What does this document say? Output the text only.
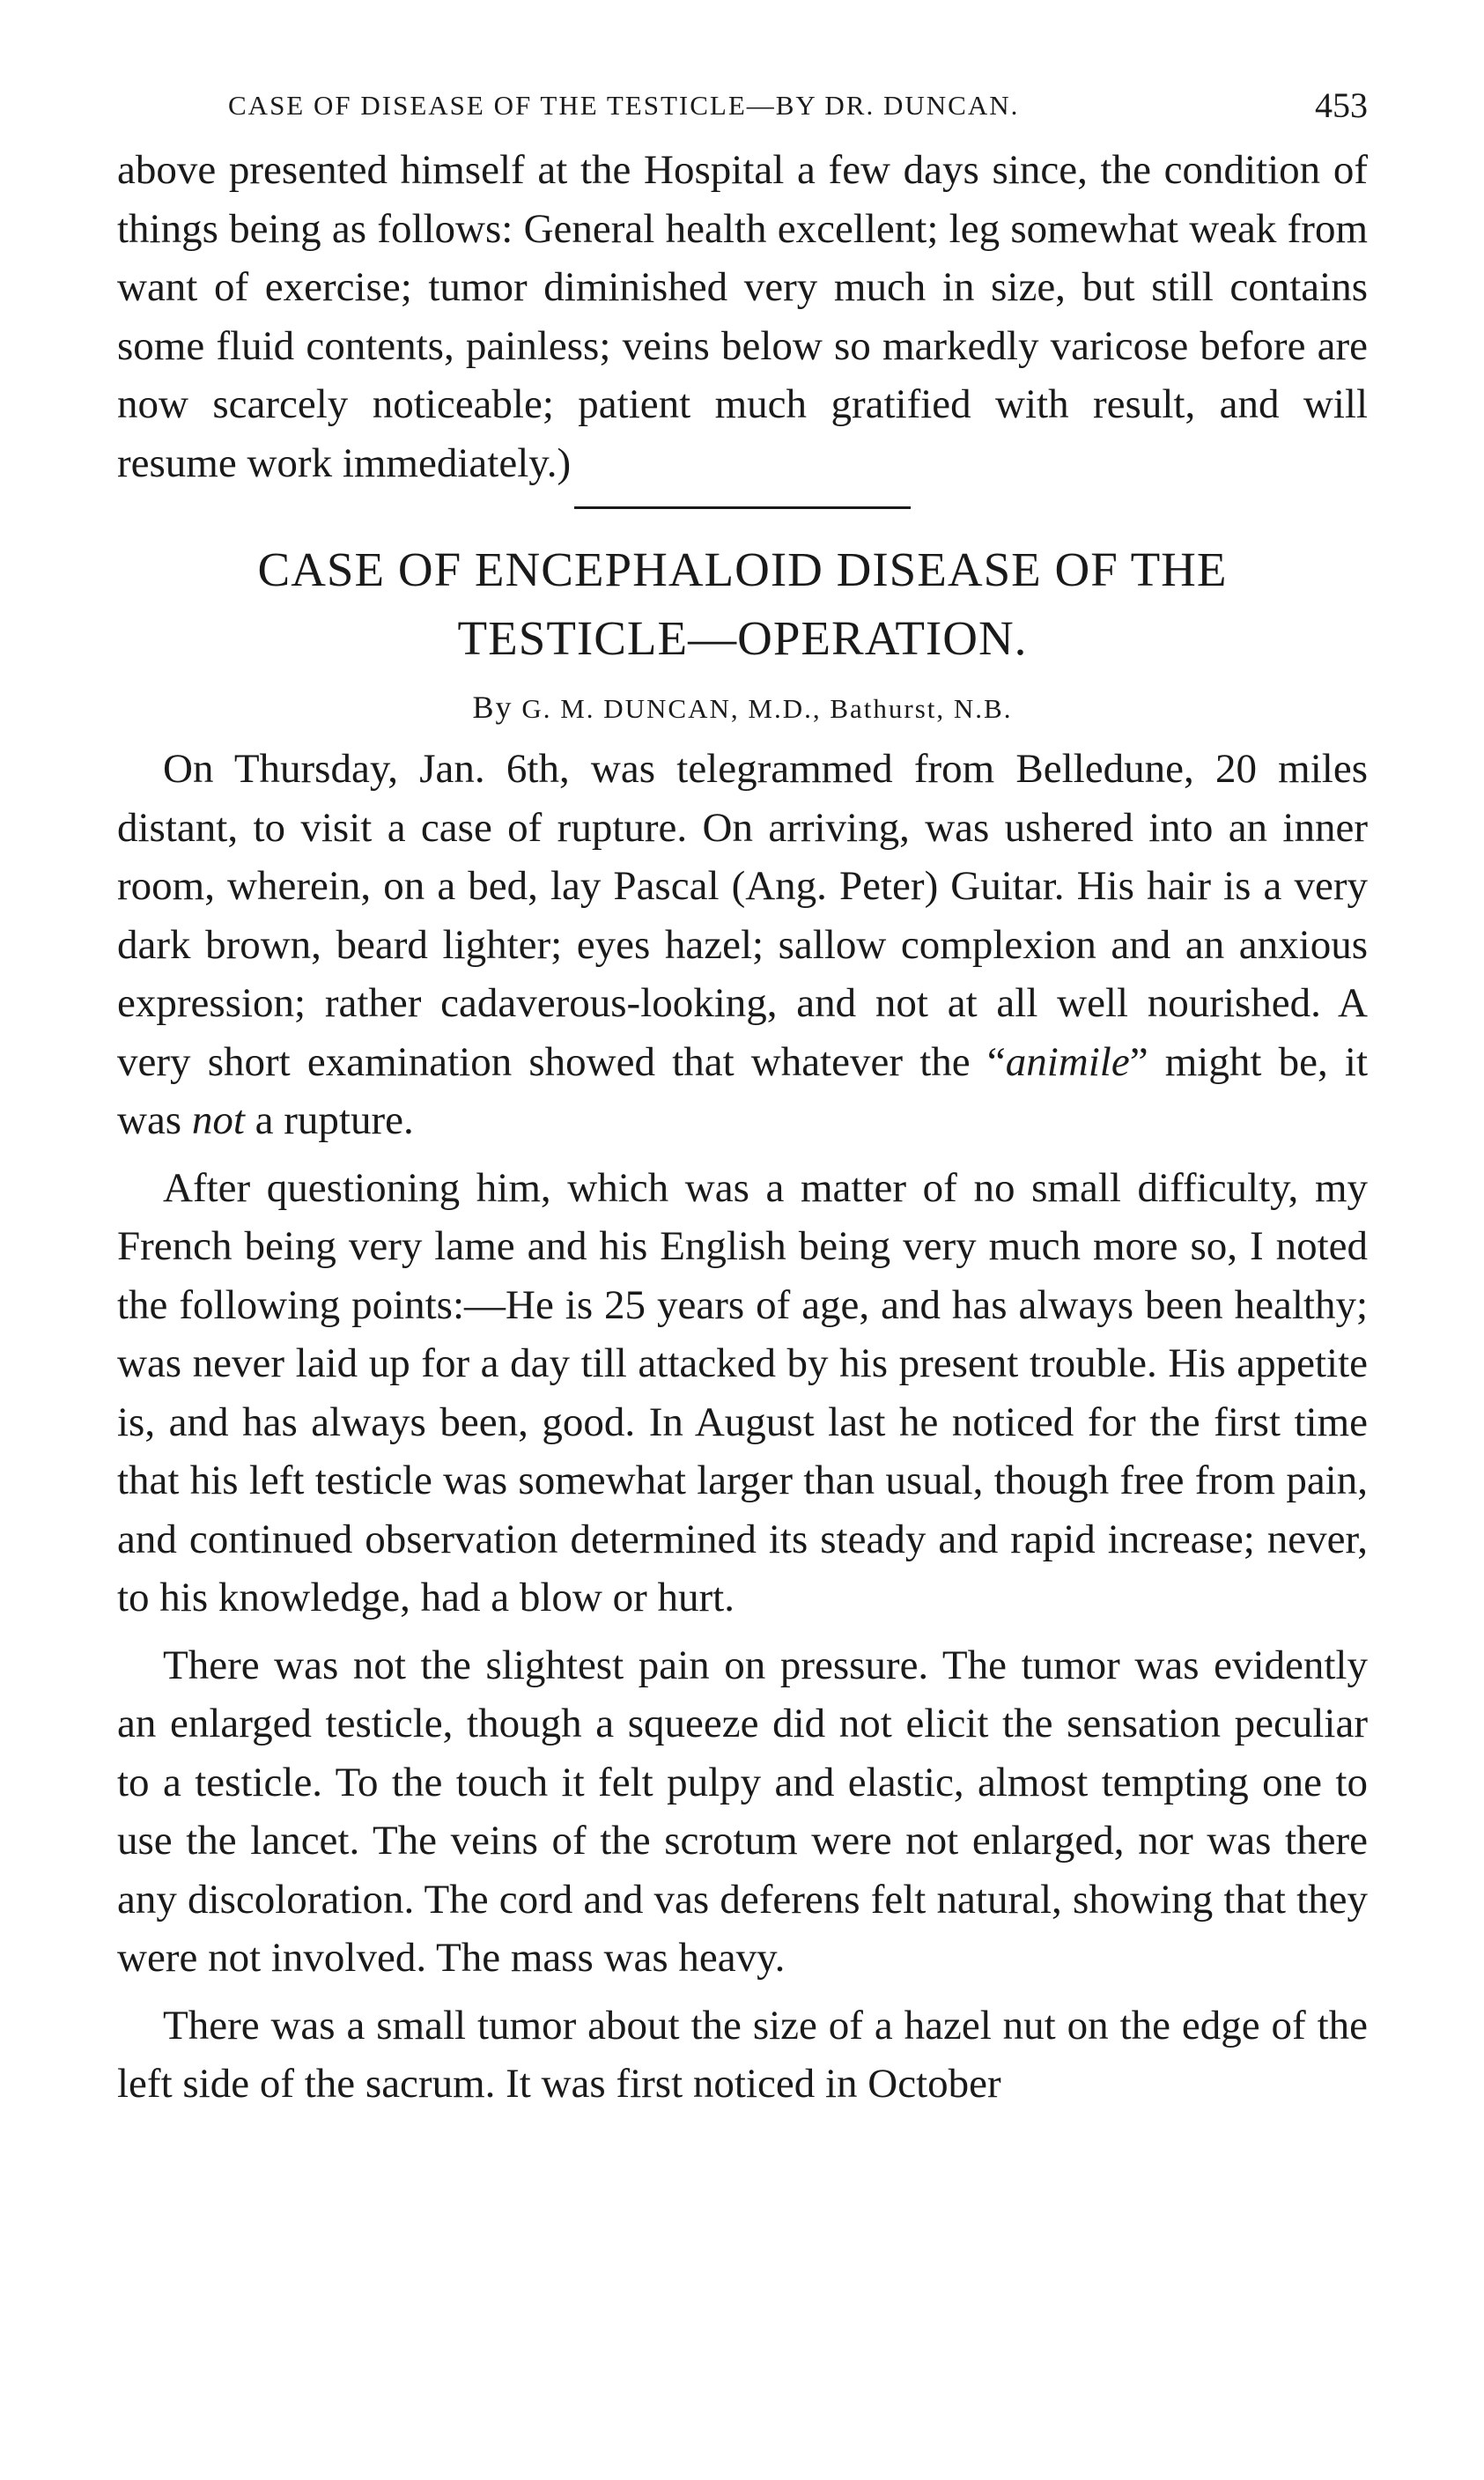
CASE OF DISEASE OF THE TESTICLE—BY DR. DUNCAN.	453

above presented himself at the Hospital a few days since, the condition of things being as follows: General health excellent; leg somewhat weak from want of exercise; tumor diminished very much in size, but still contains some fluid contents, painless; veins below so markedly varicose before are now scarcely noticeable; patient much gratified with result, and will resume work immediately.)

CASE OF ENCEPHALOID DISEASE OF THE

TESTICLE—OPERATION.

By G. M. DUNCAN, M.D., Bathurst, N.B.

On Thursday, Jan. 6th, was telegrammed from Belledune, 20 miles distant, to visit a case of rupture. On arriving, was ushered into an inner room, wherein, on a bed, lay Pascal (Ang. Peter) Guitar. His hair is a very dark brown, beard lighter; eyes hazel; sallow complexion and an anxious expression; rather cadaverous-looking, and not at all well nourished. A very short examination showed that whatever the “animile” might be, it was not a rupture.

After questioning him, which was a matter of no small difficulty, my French being very lame and his English being very much more so, I noted the following points:—He is 25 years of age, and has always been healthy; was never laid up for a day till attacked by his present trouble. His appetite is, and has always been, good. In August last he noticed for the first time that his left testicle was somewhat larger than usual, though free from pain, and continued observation determined its steady and rapid increase; never, to his knowledge, had a blow or hurt.

There was not the slightest pain on pressure. The tumor was evidently an enlarged testicle, though a squeeze did not elicit the sensation peculiar to a testicle. To the touch it felt pulpy and elastic, almost tempting one to use the lancet. The veins of the scrotum were not enlarged, nor was there any discoloration. The cord and vas deferens felt natural, showing that they were not involved. The mass was heavy.

There was a small tumor about the size of a hazel nut on the edge of the left side of the sacrum. It was first noticed in October
